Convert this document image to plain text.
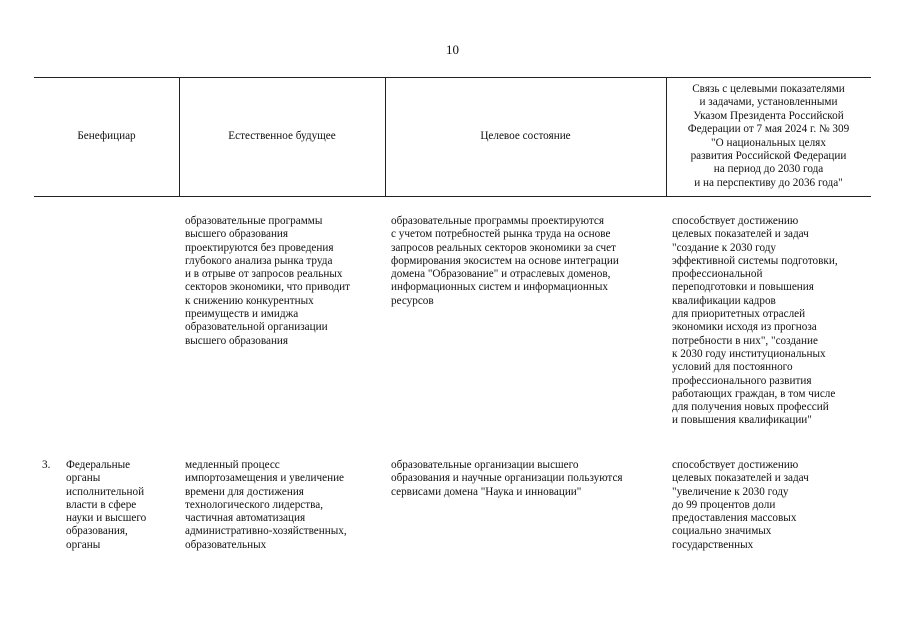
10
Бенефициар	Естественное будущее	Целевое состояние
Связь с целевыми показателями
и задачами, установленными
Указом Президента Российской
Федерации от 7 мая 2024 г. № 309
"О национальных целях
развития Российской Федерации
на период до 2030 года
и на перспективу до 2036 года"
образовательные программы
высшего образования
проектируются без проведения
глубокого анализа рынка труда
и в отрыве от запросов реальных
секторов экономики, что приводит
к снижению конкурентных
преимуществ и имиджа
образовательной организации
высшего образования
образовательные программы проектируются
с учетом потребностей рынка труда на основе
запросов реальных секторов экономики за счет
формирования экосистем на основе интеграции
домена "Образование" и отраслевых доменов,
информационных систем и информационных
ресурсов
способствует достижению
целевых показателей и задач
"создание к 2030 году
эффективной системы подготовки,
профессиональной
переподготовки и повышения
квалификации кадров
для приоритетных отраслей
экономики исходя из прогноза
потребности в них", "создание
к 2030 году институциональных
условий для постоянного
профессионального развития
работающих граждан, в том числе
для получения новых профессий
и повышения квалификации"
3. Федеральные
органы
исполнительной
власти в сфере
науки и высшего
образования,
органы
медленный процесс
импортозамещения и увеличение
времени для достижения
технологического лидерства,
частичная автоматизация
административно-хозяйственных,
образовательных
образовательные организации высшего
образования и научные организации пользуются
сервисами домена "Наука и инновации"
способствует достижению
целевых показателей и задач
"увеличение к 2030 году
до 99 процентов доли
предоставления массовых
социально значимых
государственных
